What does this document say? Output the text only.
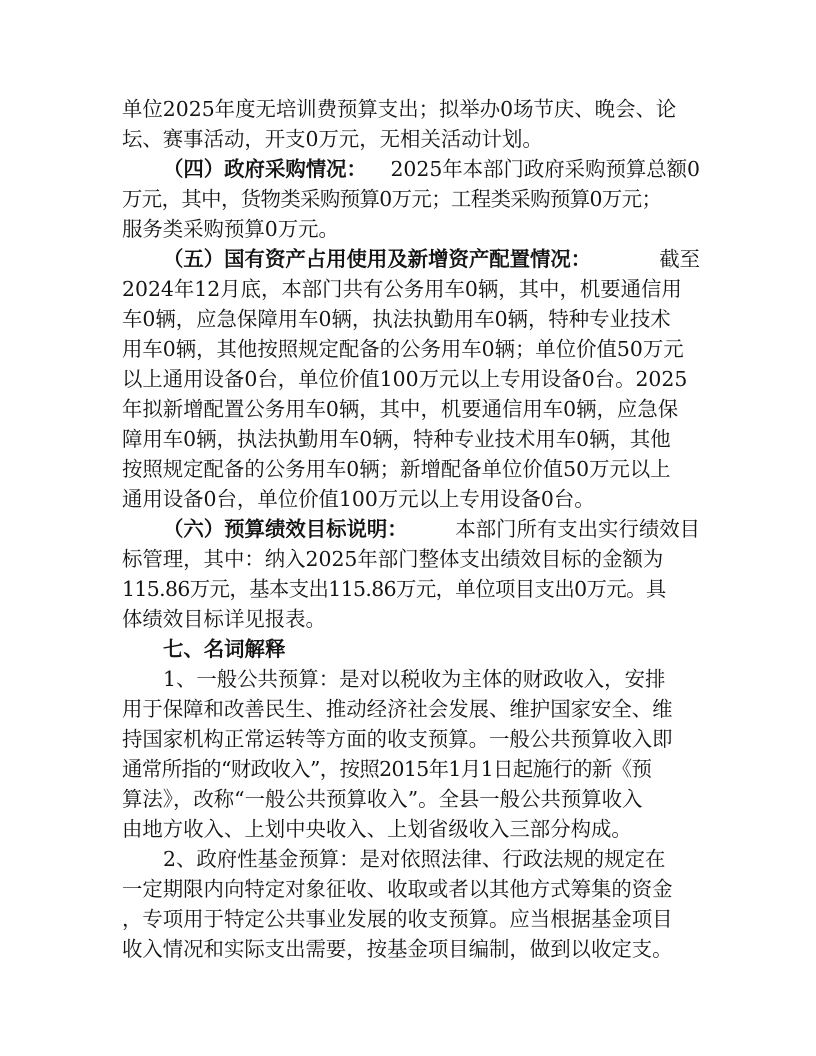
单位2025年度无培训费预算支出；拟举办0场节庆、晚会、论
坛、赛事活动，开支0万元，无相关活动计划。
（四）政府采购情况： 2025年本部门政府采购预算总额0
万元，其中，货物类采购预算0万元；工程类采购预算0万元；
服务类采购预算0万元。
（五）国有资产占用使用及新增资产配置情况：	截至
2024年12月底，本部门共有公务用车0辆，其中，机要通信用
车0辆，应急保障用车0辆，执法执勤用车0辆，特种专业技术
用车0辆，其他按照规定配备的公务用车0辆；单位价值50万元
以上通用设备0台，单位价值100万元以上专用设备0台。2025
年拟新增配置公务用车0辆，其中，机要通信用车0辆，应急保
障用车0辆，执法执勤用车0辆，特种专业技术用车0辆，其他
按照规定配备的公务用车0辆；新增配备单位价值50万元以上
通用设备0台，单位价值100万元以上专用设备0台。
（六）预算绩效目标说明： 本部门所有支出实行绩效目
标管理，其中：纳入2025年部门整体支出绩效目标的金额为
115.86万元，基本支出115.86万元，单位项目支出0万元。具
体绩效目标详见报表。
七、名词解释
1、一般公共预算：是对以税收为主体的财政收入，安排
用于保障和改善民生、推动经济社会发展、维护国家安全、维
持国家机构正常运转等方面的收支预算。一般公共预算收入即
通常所指的“财政收入”，按照2015年1月1日起施行的新《预
算法》，改称“一般公共预算收入”。全县一般公共预算收入
由地方收入、上划中央收入、上划省级收入三部分构成。
2、政府性基金预算：是对依照法律、行政法规的规定在
一定期限内向特定对象征收、收取或者以其他方式筹集的资金
，专项用于特定公共事业发展的收支预算。应当根据基金项目
收入情况和实际支出需要，按基金项目编制，做到以收定支。
